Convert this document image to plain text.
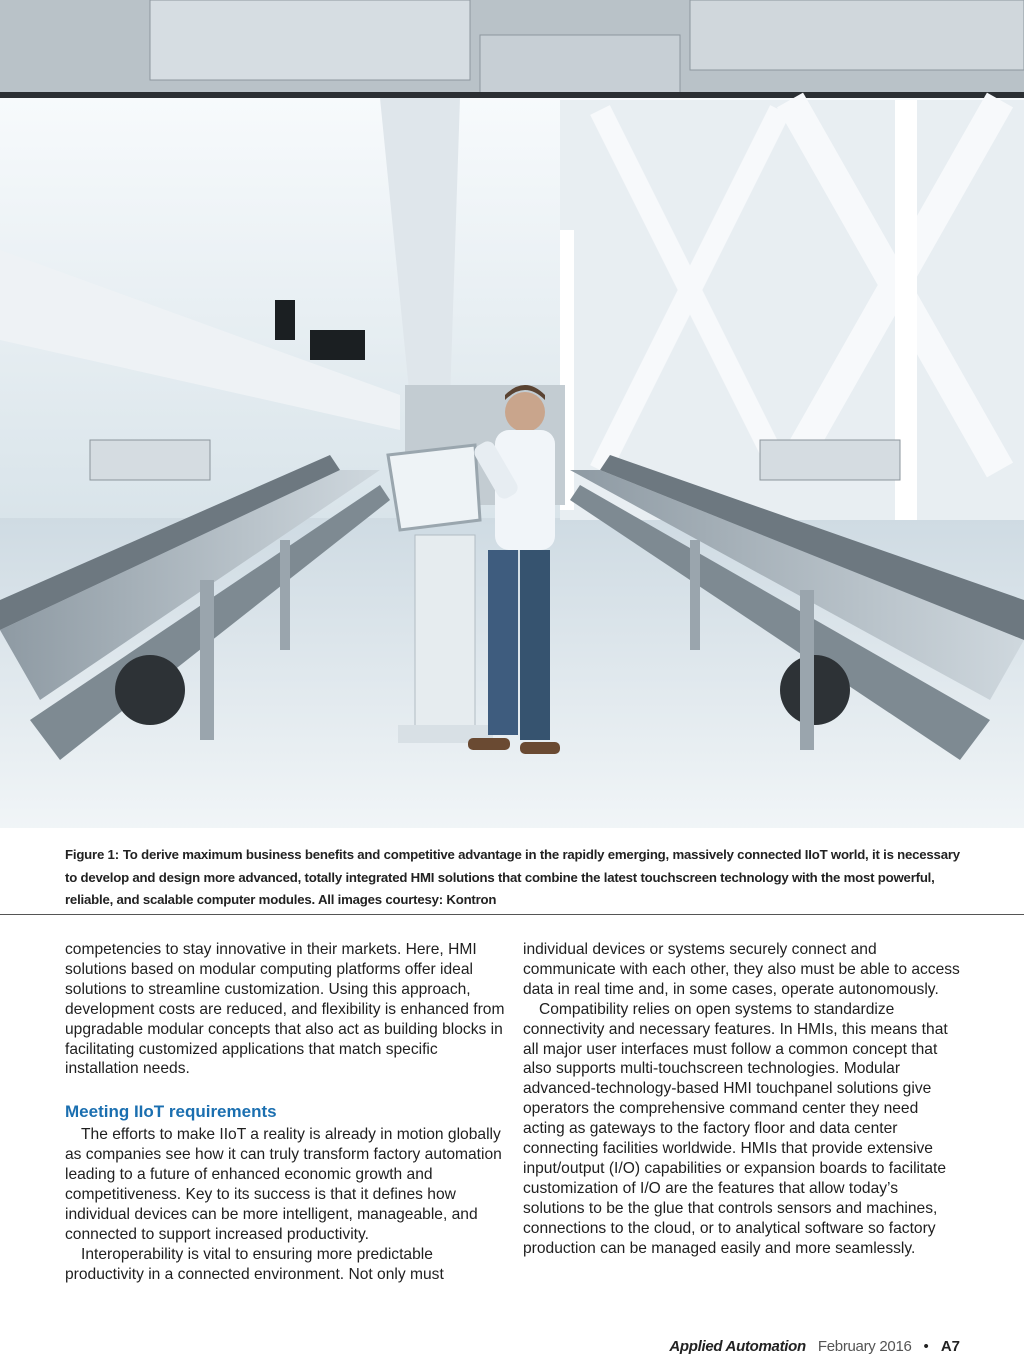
Figure 1: To derive maximum business benefits and competitive advantage in the rapidly emerging, massively connected IIoT world, it is necessary to develop and design more advanced, totally integrated HMI solutions that combine the latest touchscreen technology with the most powerful, reliable, and scalable computer modules. All images courtesy: Kontron

competencies to stay innovative in their markets. Here, HMI solutions based on modular computing platforms offer ideal solutions to streamline customization. Using this approach, development costs are reduced, and flexibility is enhanced from upgradable modular concepts that also act as building blocks in facilitating customized applications that match specific installation needs.

Meeting IIoT requirements

The efforts to make IIoT a reality is already in motion globally as companies see how it can truly transform factory automation leading to a future of enhanced economic growth and competitiveness. Key to its success is that it defines how individual devices can be more intelligent, manageable, and connected to support increased productivity.

Interoperability is vital to ensuring more predictable productivity in a connected environment. Not only must

individual devices or systems securely connect and communicate with each other, they also must be able to access data in real time and, in some cases, operate autonomously.

Compatibility relies on open systems to standardize connectivity and necessary features. In HMIs, this means that all major user interfaces must follow a common concept that also supports multi-touchscreen technologies. Modular advanced-technology-based HMI touchpanel solutions give operators the comprehensive command center they need acting as gateways to the factory floor and data center connecting facilities worldwide. HMIs that provide extensive input/output (I/O) capabilities or expansion boards to facilitate customization of I/O are the features that allow today’s solutions to be the glue that controls sensors and machines, connections to the cloud, or to analytical software so factory production can be managed easily and more seamlessly.

Applied Automation February 2016 • A7
